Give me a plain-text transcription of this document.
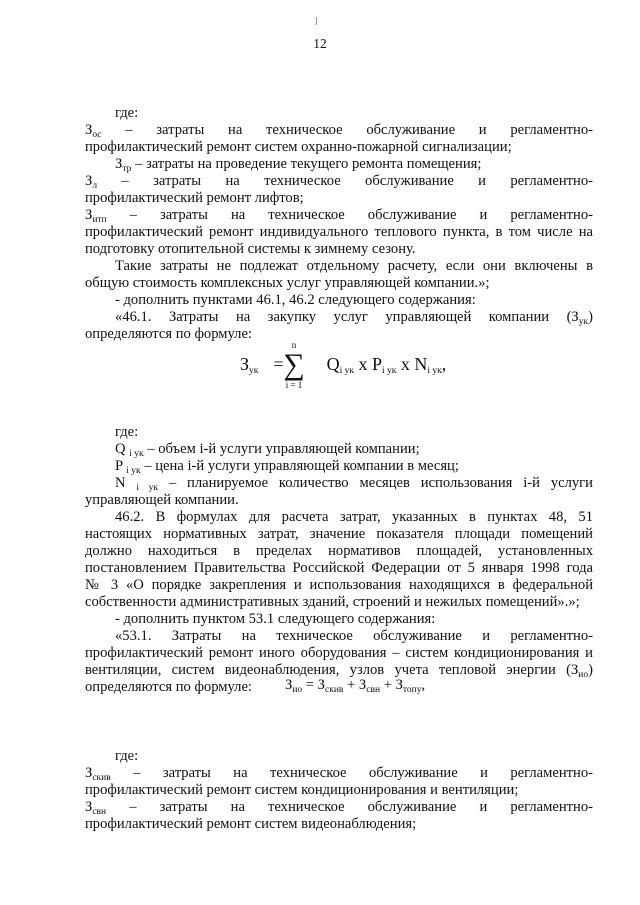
12
где:
$З_{ос}$ – затраты на техническое обслуживание и регламентно-
профилактический ремонт систем охранно-пожарной сигнализации;
$З_{тр}$ – затраты на проведение текущего ремонта помещения;
$З_л$ – затраты на техническое обслуживание и регламентно-
профилактический ремонт лифтов;
$З_{итп}$ – затраты на техническое обслуживание и регламентно-
профилактический ремонт индивидуального теплового пункта, в том числе на
подготовку отопительной системы к зимнему сезону.
Такие затраты не подлежат отдельному расчету, если они включены в
общую стоимость комплексных услуг управляющей компании.»;
- дополнить пунктами 46.1, 46.2 следующего содержания:
«46.1. Затраты на закупку услуг управляющей компании $(З_{ук})$
определяются по формуле:
где:
Q $_{i ук}$ – объем i-й услуги управляющей компании;
P $_{i ук}$ – цена i-й услуги управляющей компании в месяц;
N $_{i ук}$ – планируемое количество месяцев использования i-й услуги
управляющей компании.
46.2. В формулах для расчета затрат, указанных в пунктах 48, 51
настоящих нормативных затрат, значение показателя площади помещений
должно находиться в пределах нормативов площадей, установленных
постановлением Правительства Российской Федерации от 5 января 1998 года
№ 3 «О порядке закрепления и использования находящихся в федеральной
собственности административных зданий, строений и нежилых помещений».»;
- дополнить пунктом 53.1 следующего содержания:
«53.1. Затраты на техническое обслуживание и регламентно-
профилактический ремонт иного оборудования – систем кондиционирования и
вентиляции, систем видеонаблюдения, узлов учета тепловой энергии $(З_{ио})$
определяются по формуле:
где:
$З_{скив}$ – затраты на техническое обслуживание и регламентно-
профилактический ремонт систем кондиционирования и вентиляции;
$З_{свн}$ – затраты на техническое обслуживание и регламентно-
профилактический ремонт систем видеонаблюдения;
$З_{ук}$ =
n
∑
i = 1
$Q_{i ук}$ x $P_{i ук}$ x $N_{i ук}$,
$З_{ио} = З_{скив} + З_{свн} + З_{топу}$,
